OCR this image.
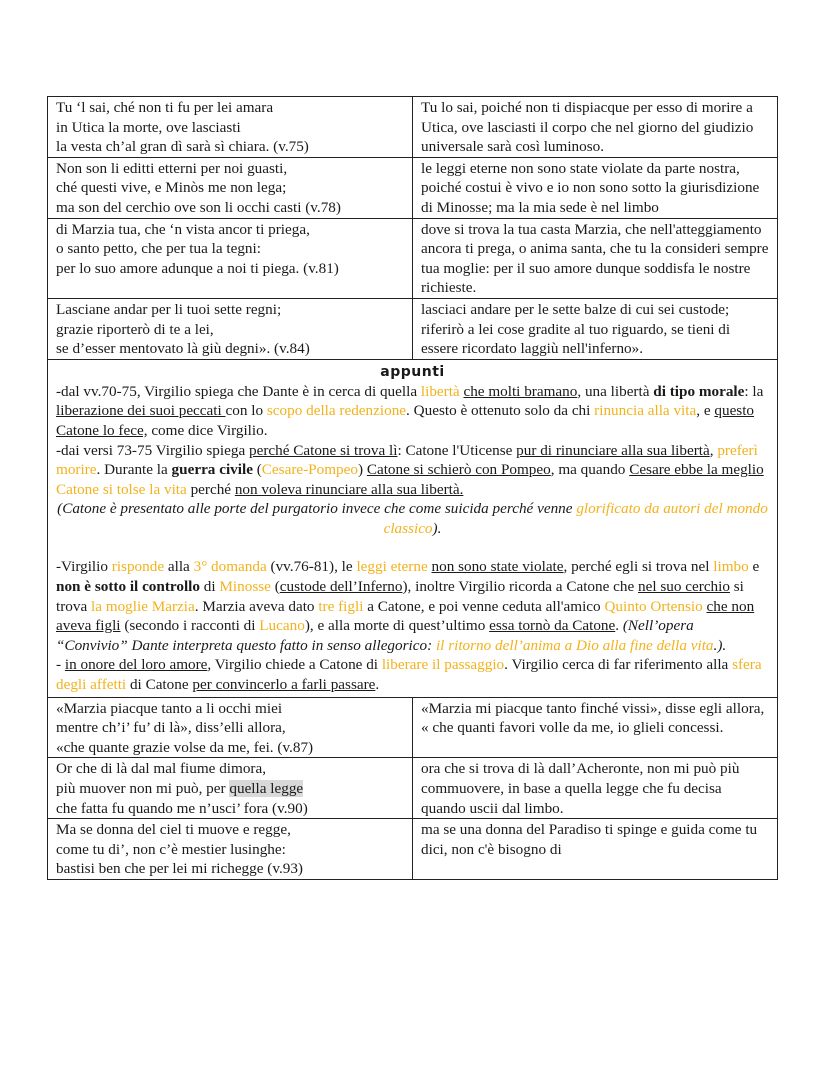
Tu ‘l sai, ché non ti fu per lei amara
in Utica la morte, ove lasciasti
la vesta ch’al gran dì sarà sì chiara. (v.75)	Tu lo sai, poiché non ti dispiacque per esso di morire a Utica, ove lasciasti il corpo che nel giorno del giudizio universale sarà così luminoso.

Non son li editti etterni per noi guasti,
ché questi vive, e Minòs me non lega;
ma son del cerchio ove son li occhi casti (v.78)	le leggi eterne non sono state violate da parte nostra, poiché costui è vivo e io non sono sotto la giurisdizione di Minosse; ma la mia sede è nel limbo

di Marzia tua, che ‘n vista ancor ti priega,
o santo petto, che per tua la tegni:
per lo suo amore adunque a noi ti piega. (v.81)	dove si trova la tua casta Marzia, che nell'atteggiamento ancora ti prega, o anima santa, che tu la consideri sempre tua moglie: per il suo amore dunque soddisfa le nostre richieste.

Lasciane andar per li tuoi sette regni;
grazie riporterò di te a lei,
se d’esser mentovato là giù degni». (v.84)	lasciaci andare per le sette balze di cui sei custode; riferirò a lei cose gradite al tuo riguardo, se tieni di essere ricordato laggiù nell'inferno».
appunti

-dal vv.70-75, Virgilio spiega che Dante è in cerca di quella libertà che molti bramano, una libertà di tipo morale: la liberazione dei suoi peccati con lo scopo della redenzione. Questo è ottenuto solo da chi rinuncia alla vita, e questo Catone lo fece, come dice Virgilio.

-dai versi 73-75 Virgilio spiega perché Catone si trova lì: Catone l'Uticense pur di rinunciare alla sua libertà, preferì morire. Durante la guerra civile (Cesare-Pompeo) Catone si schierò con Pompeo, ma quando Cesare ebbe la meglio Catone si tolse la vita perché non voleva rinunciare alla sua libertà.

(Catone è presentato alle porte del purgatorio invece che come suicida perché venne glorificato da autori del mondo classico).

-Virgilio risponde alla 3° domanda (vv.76-81), le leggi eterne non sono state violate, perché egli si trova nel limbo e non è sotto il controllo di Minosse (custode dell’Inferno), inoltre Virgilio ricorda a Catone che nel suo cerchio si trova la moglie Marzia. Marzia aveva dato tre figli a Catone, e poi venne ceduta all'amico Quinto Ortensio che non aveva figli (secondo i racconti di Lucano), e alla morte di quest’ultimo essa tornò da Catone. (Nell’opera “Convivio” Dante interpreta questo fatto in senso allegorico: il ritorno dell’anima a Dio alla fine della vita.).

- in onore del loro amore, Virgilio chiede a Catone di liberare il passaggio. Virgilio cerca di far riferimento alla sfera degli affetti di Catone per convincerlo a farli passare.

«Marzia piacque tanto a li occhi miei
mentre ch’i’ fu’ di là», diss’elli allora,
«che quante grazie volse da me, fei. (v.87)	«Marzia mi piacque tanto finché vissi», disse egli allora, « che quanti favori volle da me, io glieli concessi.

Or che di là dal mal fiume dimora,
più muover non mi può, per quella legge
che fatta fu quando me n’usci’ fora (v.90)	ora che si trova di là dall’Acheronte, non mi può più commuovere, in base a quella legge che fu decisa quando uscii dal limbo.

Ma se donna del ciel ti muove e regge,
come tu di’, non c’è mestier lusinghe:
bastisi ben che per lei mi richegge (v.93)	ma se una donna del Paradiso ti spinge e guida come tu dici, non c'è bisogno di
